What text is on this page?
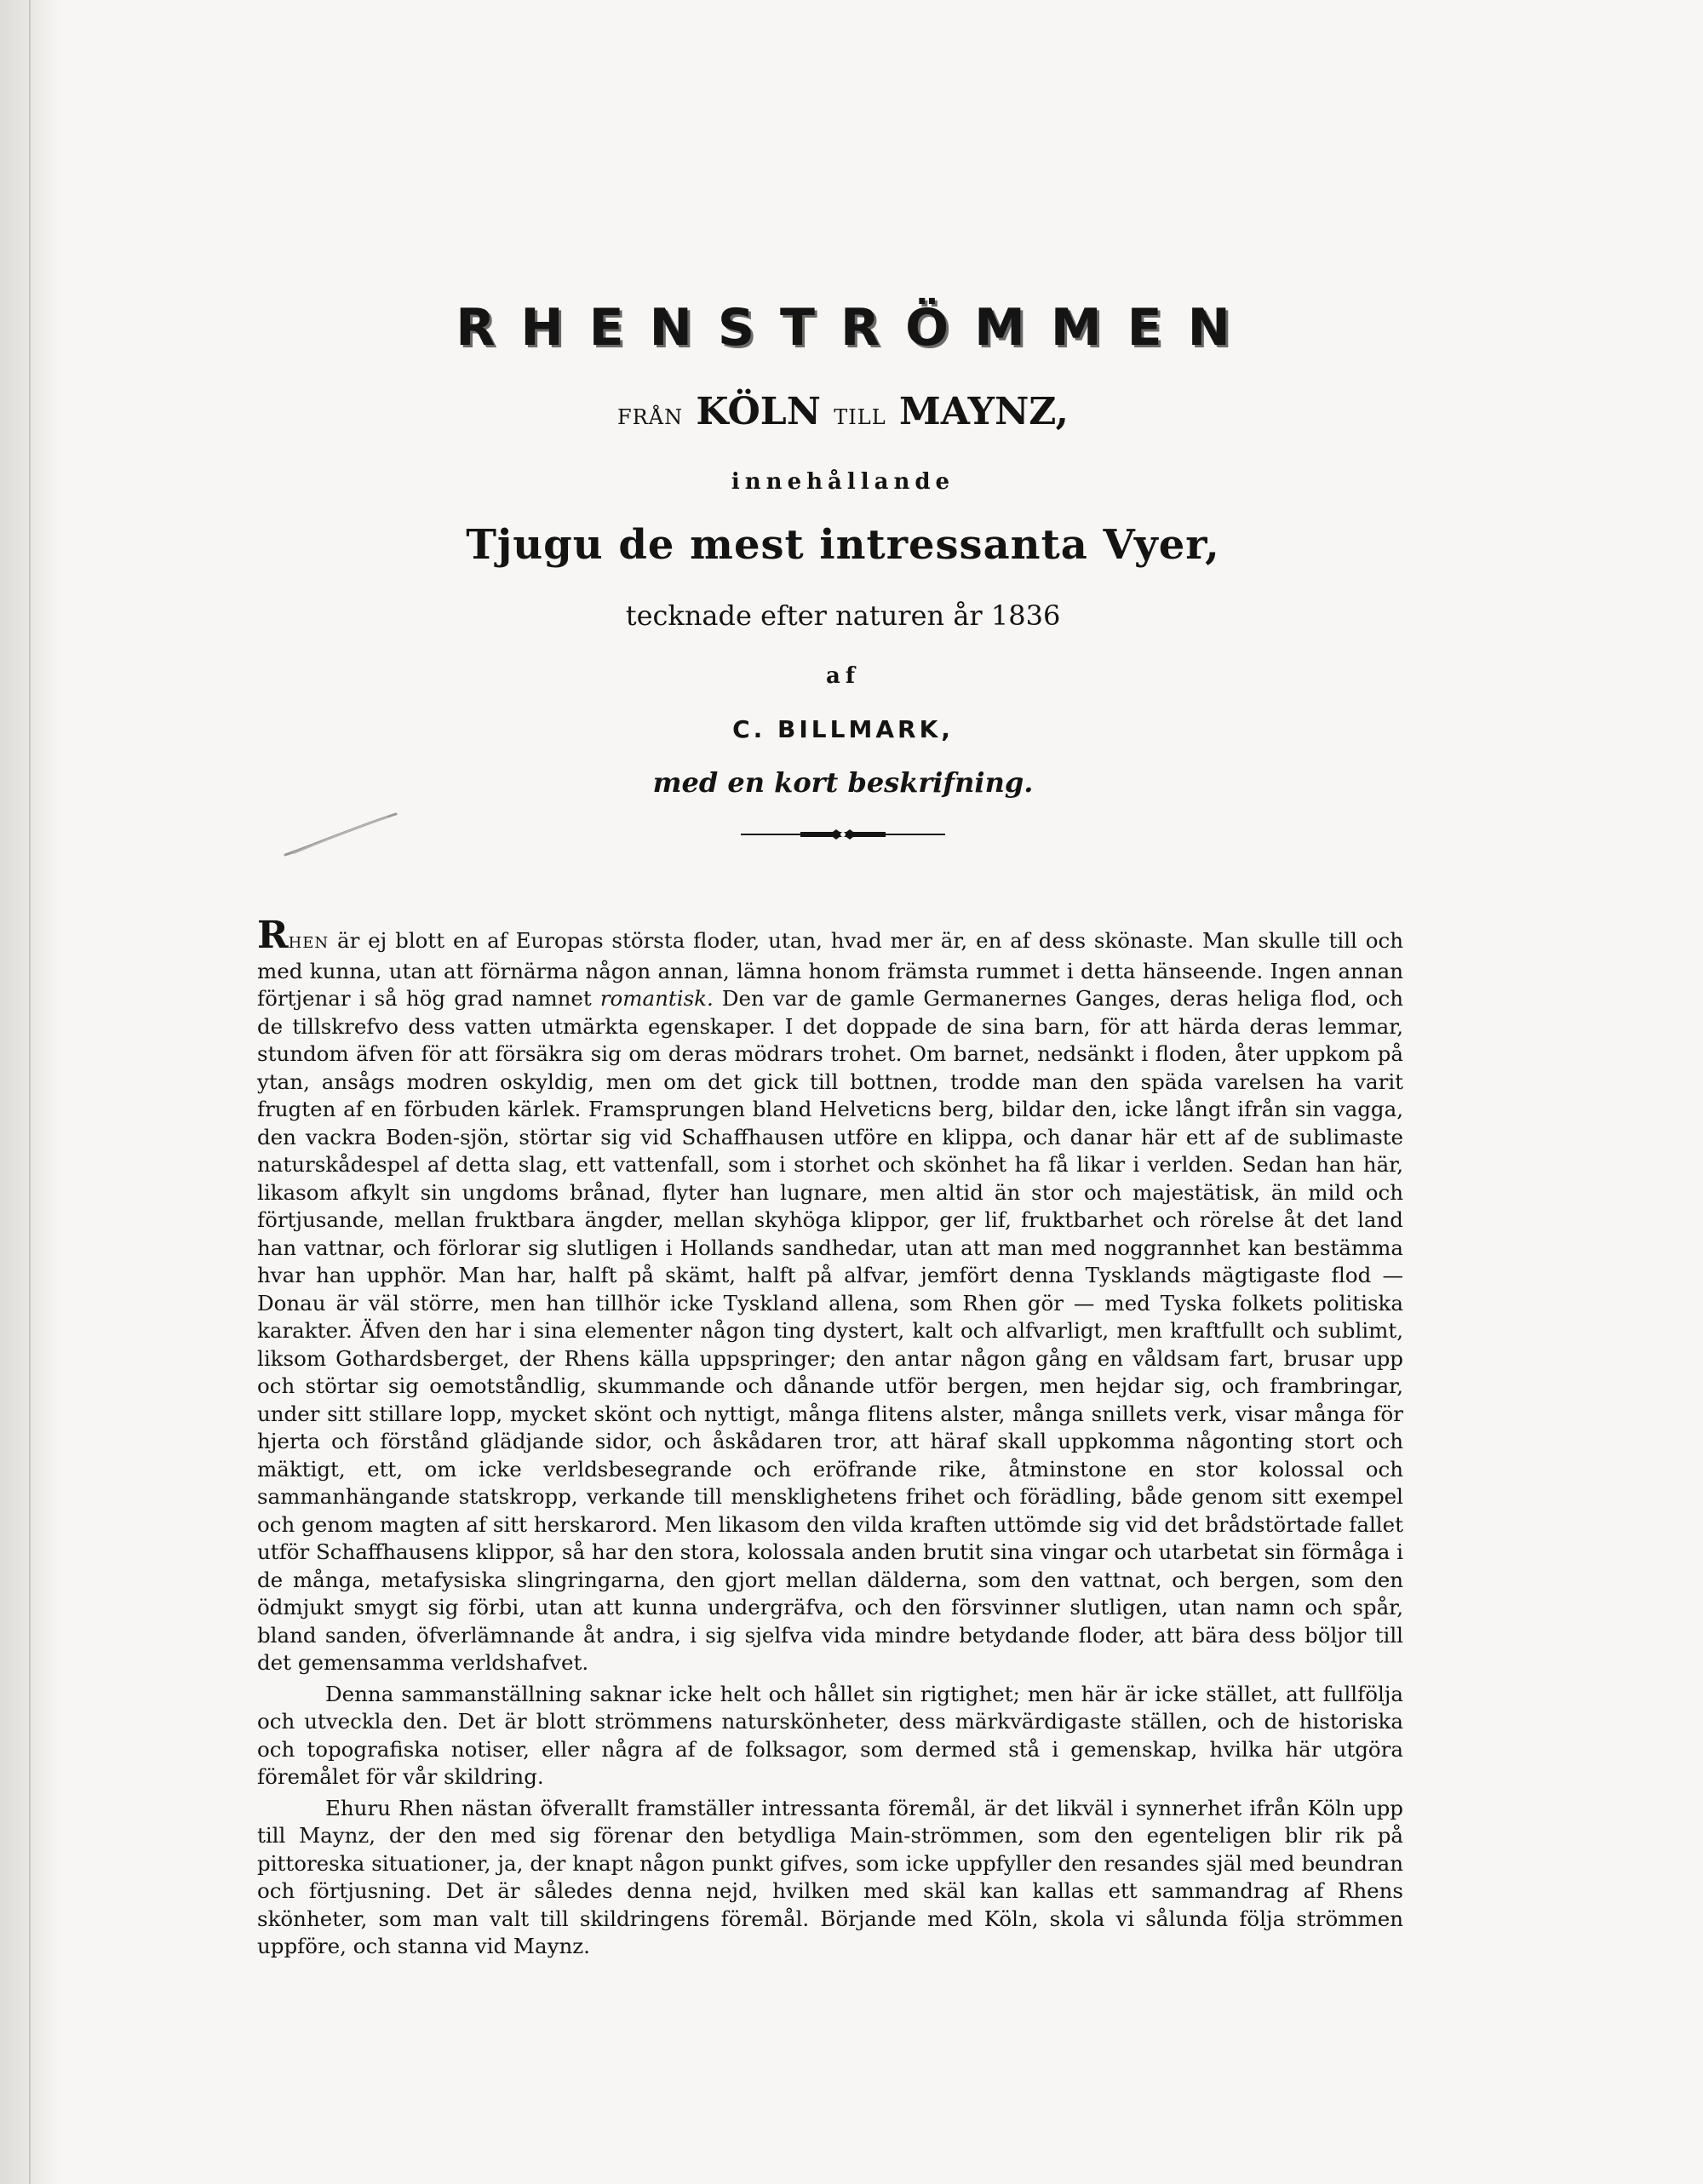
RHENSTRÖMMEN
FRÅN KÖLN TILL MAYNZ,
innehållande
Tjugu de mest intressanta Vyer,
tecknade efter naturen år 1836
af
C. BILLMARK,
med en kort beskrifning.

RHEN är ej blott en af Europas största floder, utan, hvad mer är, en af dess skönaste. Man skulle till och med kunna, utan att förnärma någon annan, lämna honom främsta rummet i detta hänseende. Ingen annan förtjenar i så hög grad namnet romantisk. Den var de gamle Germanernes Ganges, deras heliga flod, och de tillskrefvo dess vatten utmärkta egenskaper. I det doppade de sina barn, för att härda deras lemmar, stundom äfven för att försäkra sig om deras mödrars trohet. Om barnet, nedsänkt i floden, åter uppkom på ytan, ansågs modren oskyldig, men om det gick till bottnen, trodde man den späda varelsen ha varit frugten af en förbuden kärlek. Framsprungen bland Helveticns berg, bildar den, icke långt ifrån sin vagga, den vackra Boden-sjön, störtar sig vid Schaffhausen utföre en klippa, och danar här ett af de sublimaste naturskådespel af detta slag, ett vattenfall, som i storhet och skönhet ha få likar i verlden. Sedan han här, likasom afkylt sin ungdoms brånad, flyter han lugnare, men altid än stor och majestätisk, än mild och förtjusande, mellan fruktbara ängder, mellan skyhöga klippor, ger lif, fruktbarhet och rörelse åt det land han vattnar, och förlorar sig slutligen i Hollands sandhedar, utan att man med noggrannhet kan bestämma hvar han upphör. Man har, halft på skämt, halft på alfvar, jemfört denna Tysklands mägtigaste flod — Donau är väl större, men han tillhör icke Tyskland allena, som Rhen gör — med Tyska folkets politiska karakter. Äfven den har i sina elementer någon ting dystert, kalt och alfvarligt, men kraftfullt och sublimt, liksom Gothardsberget, der Rhens källa uppspringer; den antar någon gång en våldsam fart, brusar upp och störtar sig oemotståndlig, skummande och dånande utför bergen, men hejdar sig, och frambringar, under sitt stillare lopp, mycket skönt och nyttigt, många flitens alster, många snillets verk, visar många för hjerta och förstånd glädjande sidor, och åskådaren tror, att häraf skall uppkomma någonting stort och mäktigt, ett, om icke verldsbesegrande och eröfrande rike, åtminstone en stor kolossal och sammanhängande statskropp, verkande till mensklighetens frihet och förädling, både genom sitt exempel och genom magten af sitt herskarord. Men likasom den vilda kraften uttömde sig vid det brådstörtade fallet utför Schaffhausens klippor, så har den stora, kolossala anden brutit sina vingar och utarbetat sin förmåga i de många, metafysiska slingringarna, den gjort mellan dälderna, som den vattnat, och bergen, som den ödmjukt smygt sig förbi, utan att kunna undergräfva, och den försvinner slutligen, utan namn och spår, bland sanden, öfverlämnande åt andra, i sig sjelfva vida mindre betydande floder, att bära dess böljor till det gemensamma verldshafvet.

Denna sammanställning saknar icke helt och hållet sin rigtighet; men här är icke stället, att fullfölja och utveckla den. Det är blott strömmens naturskönheter, dess märkvärdigaste ställen, och de historiska och topografiska notiser, eller några af de folksagor, som dermed stå i gemenskap, hvilka här utgöra föremålet för vår skildring.

Ehuru Rhen nästan öfverallt framställer intressanta föremål, är det likväl i synnerhet ifrån Köln upp till Maynz, der den med sig förenar den betydliga Main-strömmen, som den egenteligen blir rik på pittoreska situationer, ja, der knapt någon punkt gifves, som icke uppfyller den resandes själ med beundran och förtjusning. Det är således denna nejd, hvilken med skäl kan kallas ett sammandrag af Rhens skönheter, som man valt till skildringens föremål. Börjande med Köln, skola vi sålunda följa strömmen uppföre, och stanna vid Maynz.
